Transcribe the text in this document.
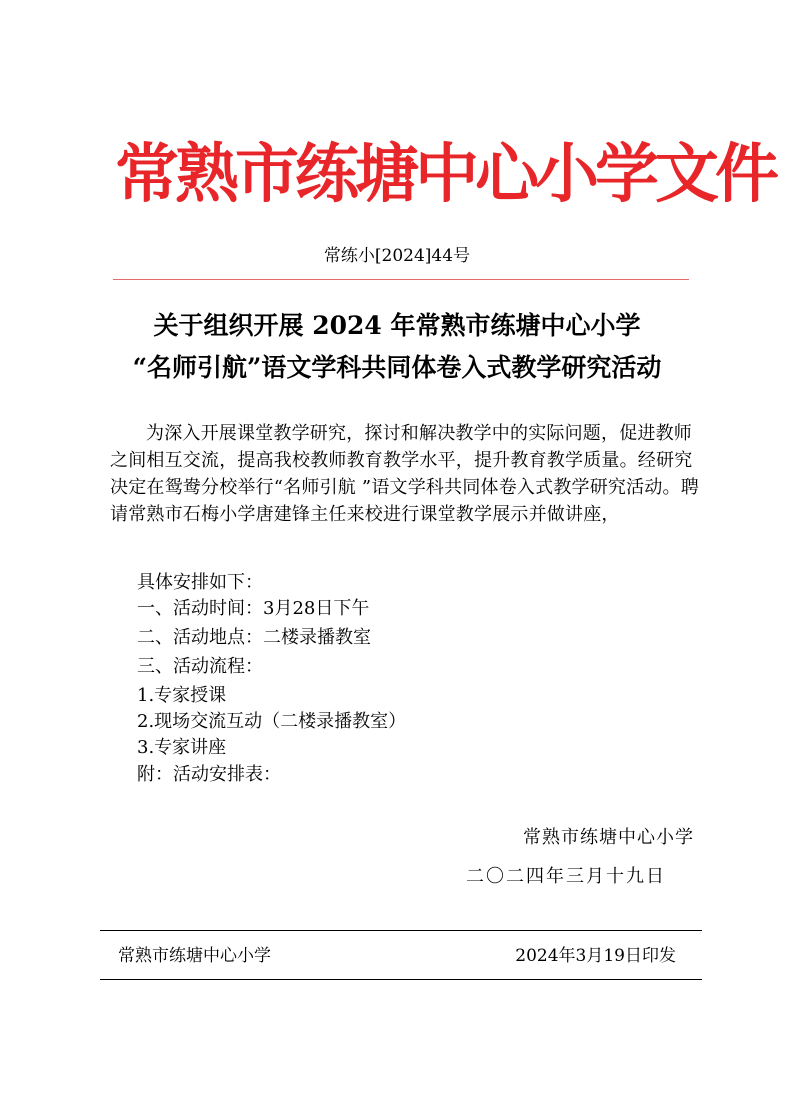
常熟市练塘中心小学文件
常练小[2024]44号
关于组织开展 2024 年常熟市练塘中心小学
“名师引航”语文学科共同体卷入式教学研究活动
为深入开展课堂教学研究，探讨和解决教学中的实际问题，促进教师之间相互交流，提高我校教师教育教学水平，提升教育教学质量。经研究决定在鸳鸯分校举行“名师引航 ”语文学科共同体卷入式教学研究活动。聘请常熟市石梅小学唐建锋主任来校进行课堂教学展示并做讲座，
具体安排如下：
一、活动时间：3月28日下午
二、活动地点：二楼录播教室
三、活动流程：
1.专家授课
2.现场交流互动（二楼录播教室）
3.专家讲座
附：活动安排表：
常熟市练塘中心小学
二〇二四年三月十九日
常熟市练塘中心小学	2024年3月19日印发
